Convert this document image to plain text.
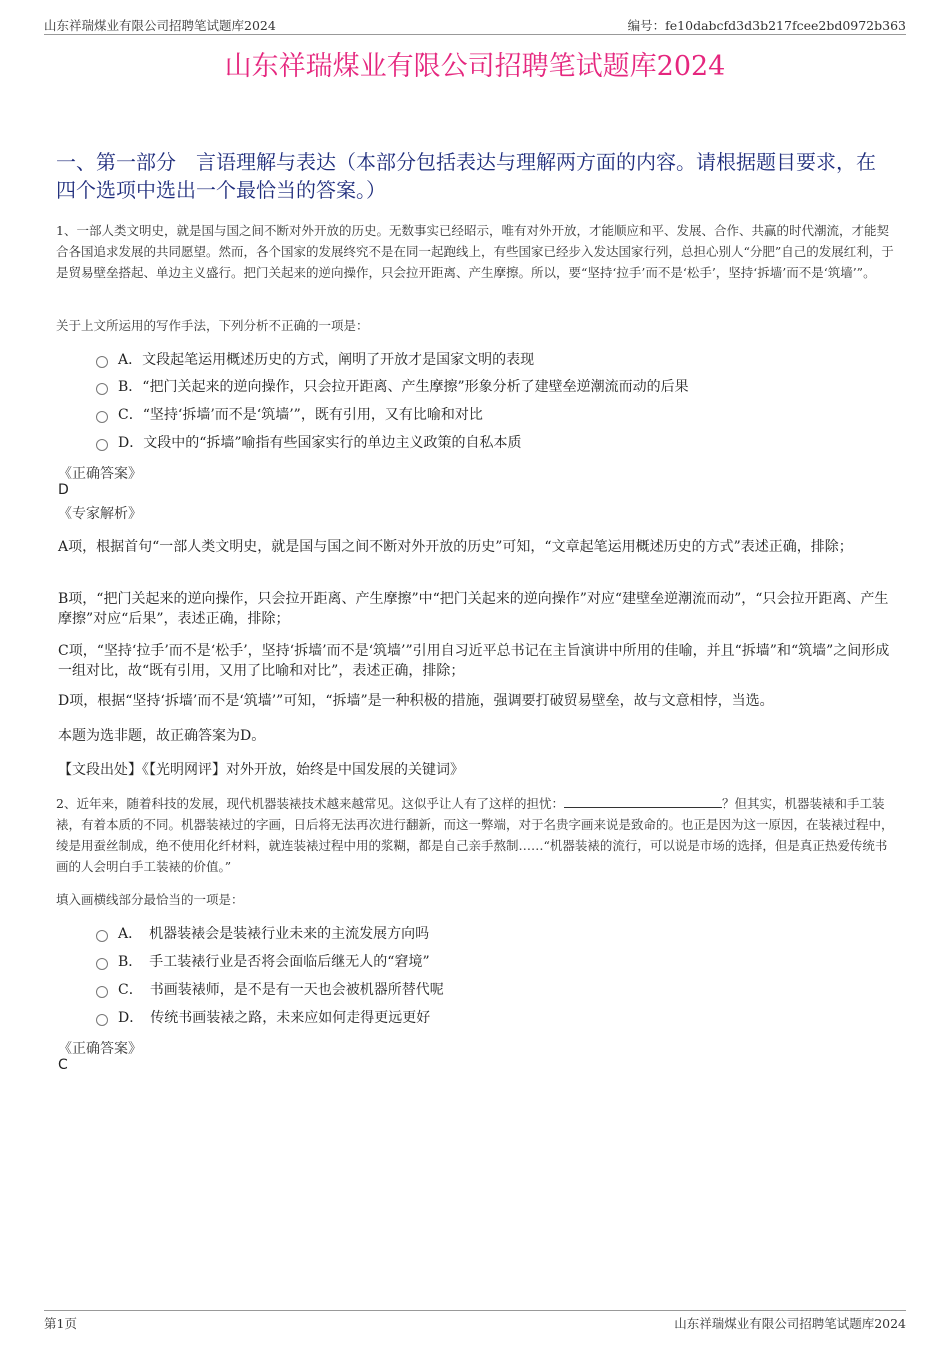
山东祥瑞煤业有限公司招聘笔试题库2024	编号：fe10dabcfd3d3b217fcee2bd0972b363
山东祥瑞煤业有限公司招聘笔试题库2024
一、第一部分　言语理解与表达（本部分包括表达与理解两方面的内容。请根据题目要求，在四个选项中选出一个最恰当的答案。）
1、一部人类文明史，就是国与国之间不断对外开放的历史。无数事实已经昭示，唯有对外开放，才能顺应和平、发展、合作、共赢的时代潮流，才能契合各国追求发展的共同愿望。然而，各个国家的发展终究不是在同一起跑线上，有些国家已经步入发达国家行列，总担心别人“分肥”自己的发展红利，于是贸易壁垒搭起、单边主义盛行。把门关起来的逆向操作，只会拉开距离、产生摩擦。所以，要“坚持‘拉手’而不是‘松手’，坚持‘拆墙’而不是‘筑墙’”。
关于上文所运用的写作手法，下列分析不正确的一项是：
A．文段起笔运用概述历史的方式，阐明了开放才是国家文明的表现
B．“把门关起来的逆向操作，只会拉开距离、产生摩擦”形象分析了建壁垒逆潮流而动的后果
C．“坚持‘拆墙’而不是‘筑墙’”，既有引用，又有比喻和对比
D．文段中的“拆墙”喻指有些国家实行的单边主义政策的自私本质
《正确答案》
D
《专家解析》
A项，根据首句“一部人类文明史，就是国与国之间不断对外开放的历史”可知，“文章起笔运用概述历史的方式”表述正确，排除；
B项，“把门关起来的逆向操作，只会拉开距离、产生摩擦”中“把门关起来的逆向操作”对应“建壁垒逆潮流而动”，“只会拉开距离、产生摩擦”对应“后果”，表述正确，排除；
C项，“坚持‘拉手’而不是‘松手’，坚持‘拆墙’而不是‘筑墙’”引用自习近平总书记在主旨演讲中所用的佳喻，并且“拆墙”和“筑墙”之间形成一组对比，故“既有引用，又用了比喻和对比”，表述正确，排除；
D项，根据“坚持‘拆墙’而不是‘筑墙’”可知，“拆墙”是一种积极的措施，强调要打破贸易壁垒，故与文意相悖，当选。
本题为选非题，故正确答案为D。
【文段出处】《【光明网评】对外开放，始终是中国发展的关键词》
2、近年来，随着科技的发展，现代机器装裱技术越来越常见。这似乎让人有了这样的担忧：	？但其实，机器装裱和手工装裱，有着本质的不同。机器装裱过的字画，日后将无法再次进行翻新，而这一弊端，对于名贵字画来说是致命的。也正是因为这一原因，在装裱过程中，绫是用蚕丝制成，绝不使用化纤材料，就连装裱过程中用的浆糊，都是自己亲手熬制……“机器装裱的流行，可以说是市场的选择，但是真正热爱传统书画的人会明白手工装裱的价值。”
填入画横线部分最恰当的一项是：
A．　机器装裱会是装裱行业未来的主流发展方向吗
B．　手工装裱行业是否将会面临后继无人的“窘境”
C．　书画装裱师，是不是有一天也会被机器所替代呢
D．　传统书画装裱之路，未来应如何走得更远更好
《正确答案》
C
第1页	山东祥瑞煤业有限公司招聘笔试题库2024
